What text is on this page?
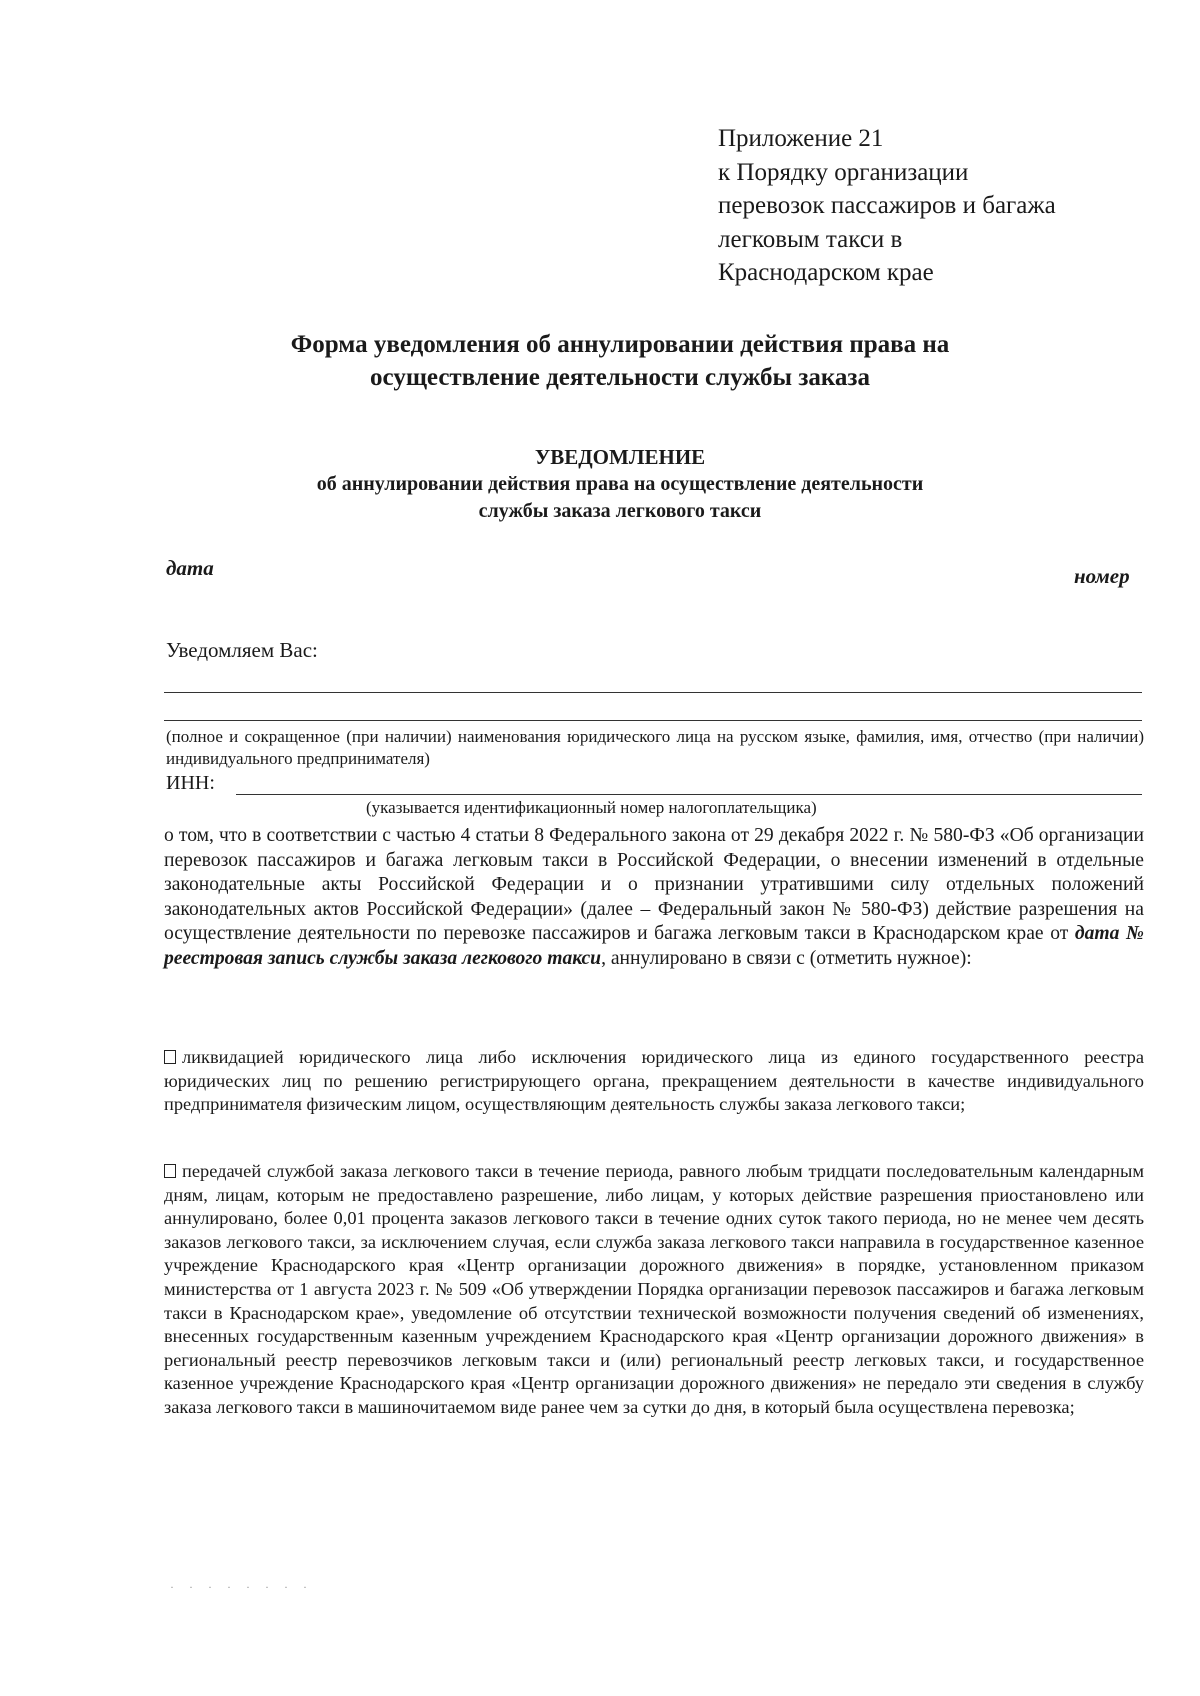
Приложение 21
к Порядку организации
перевозок пассажиров и багажа
легковым такси в
Краснодарском крае
Форма уведомления об аннулировании действия права на
осуществление деятельности службы заказа
УВЕДОМЛЕНИЕ
об аннулировании действия права на осуществление деятельности
службы заказа легкового такси
дата	номер
Уведомляем Вас:
(полное и сокращенное (при наличии) наименования юридического лица на русском языке, фамилия, имя, отчество (при наличии) индивидуального предпринимателя)
ИНН:
(указывается идентификационный номер налогоплательщика)
о том, что в соответствии с частью 4 статьи 8 Федерального закона от 29 декабря 2022 г. № 580-ФЗ «Об организации перевозок пассажиров и багажа легковым такси в Российской Федерации, о внесении изменений в отдельные законодательные акты Российской Федерации и о признании утратившими силу отдельных положений законодательных актов Российской Федерации» (далее – Федеральный закон № 580-ФЗ) действие разрешения на осуществление деятельности по перевозке пассажиров и багажа легковым такси в Краснодарском крае от дата № реестровая запись службы заказа легкового такси, аннулировано в связи с (отметить нужное):
ликвидацией юридического лица либо исключения юридического лица из единого государственного реестра юридических лиц по решению регистрирующего органа, прекращением деятельности в качестве индивидуального предпринимателя физическим лицом, осуществляющим деятельность службы заказа легкового такси;
передачей службой заказа легкового такси в течение периода, равного любым тридцати последовательным календарным дням, лицам, которым не предоставлено разрешение, либо лицам, у которых действие разрешения приостановлено или аннулировано, более 0,01 процента заказов легкового такси в течение одних суток такого периода, но не менее чем десять заказов легкового такси, за исключением случая, если служба заказа легкового такси направила в государственное казенное учреждение Краснодарского края «Центр организации дорожного движения» в порядке, установленном приказом министерства от 1 августа 2023 г. № 509 «Об утверждении Порядка организации перевозок пассажиров и багажа легковым такси в Краснодарском крае», уведомление об отсутствии технической возможности получения сведений об изменениях, внесенных государственным казенным учреждением Краснодарского края «Центр организации дорожного движения» в региональный реестр перевозчиков легковым такси и (или) региональный реестр легковых такси, и государственное казенное учреждение Краснодарского края «Центр организации дорожного движения» не передало эти сведения в службу заказа легкового такси в машиночитаемом виде ранее чем за сутки до дня, в который была осуществлена перевозка;
· · · · · · · ·
